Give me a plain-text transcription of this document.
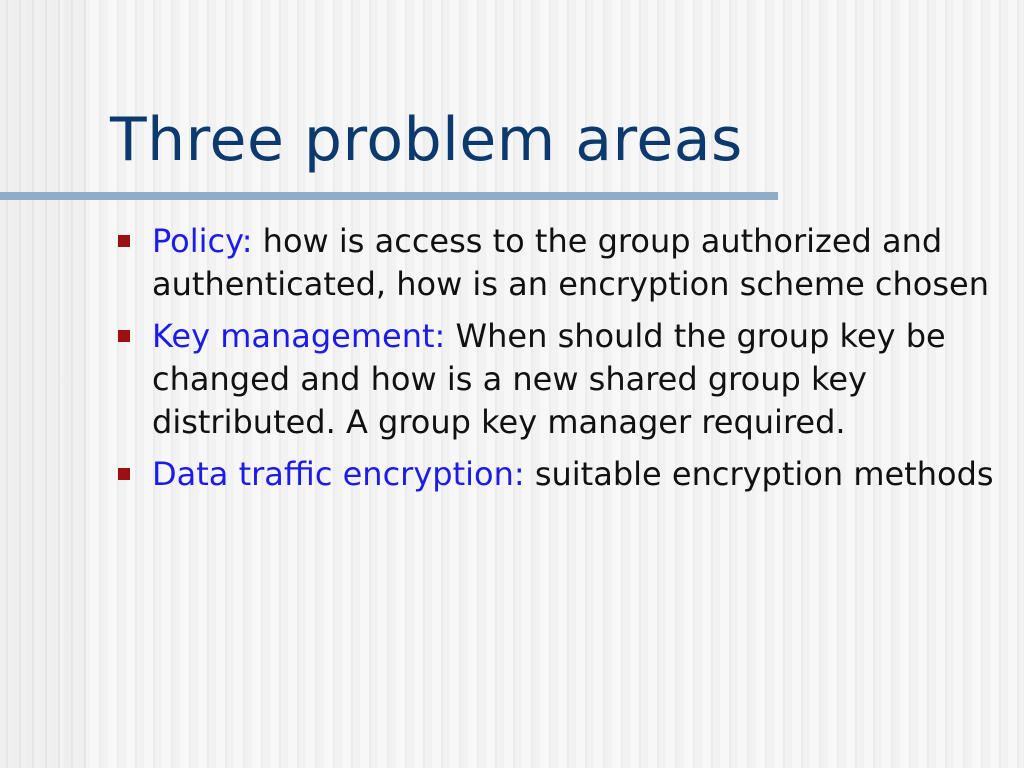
Three problem areas
Policy: how is access to the group authorized and authenticated, how is an encryption scheme chosen
Key management: When should the group key be changed and how is a new shared group key distributed. A group key manager required.
Data traffic encryption: suitable encryption methods
